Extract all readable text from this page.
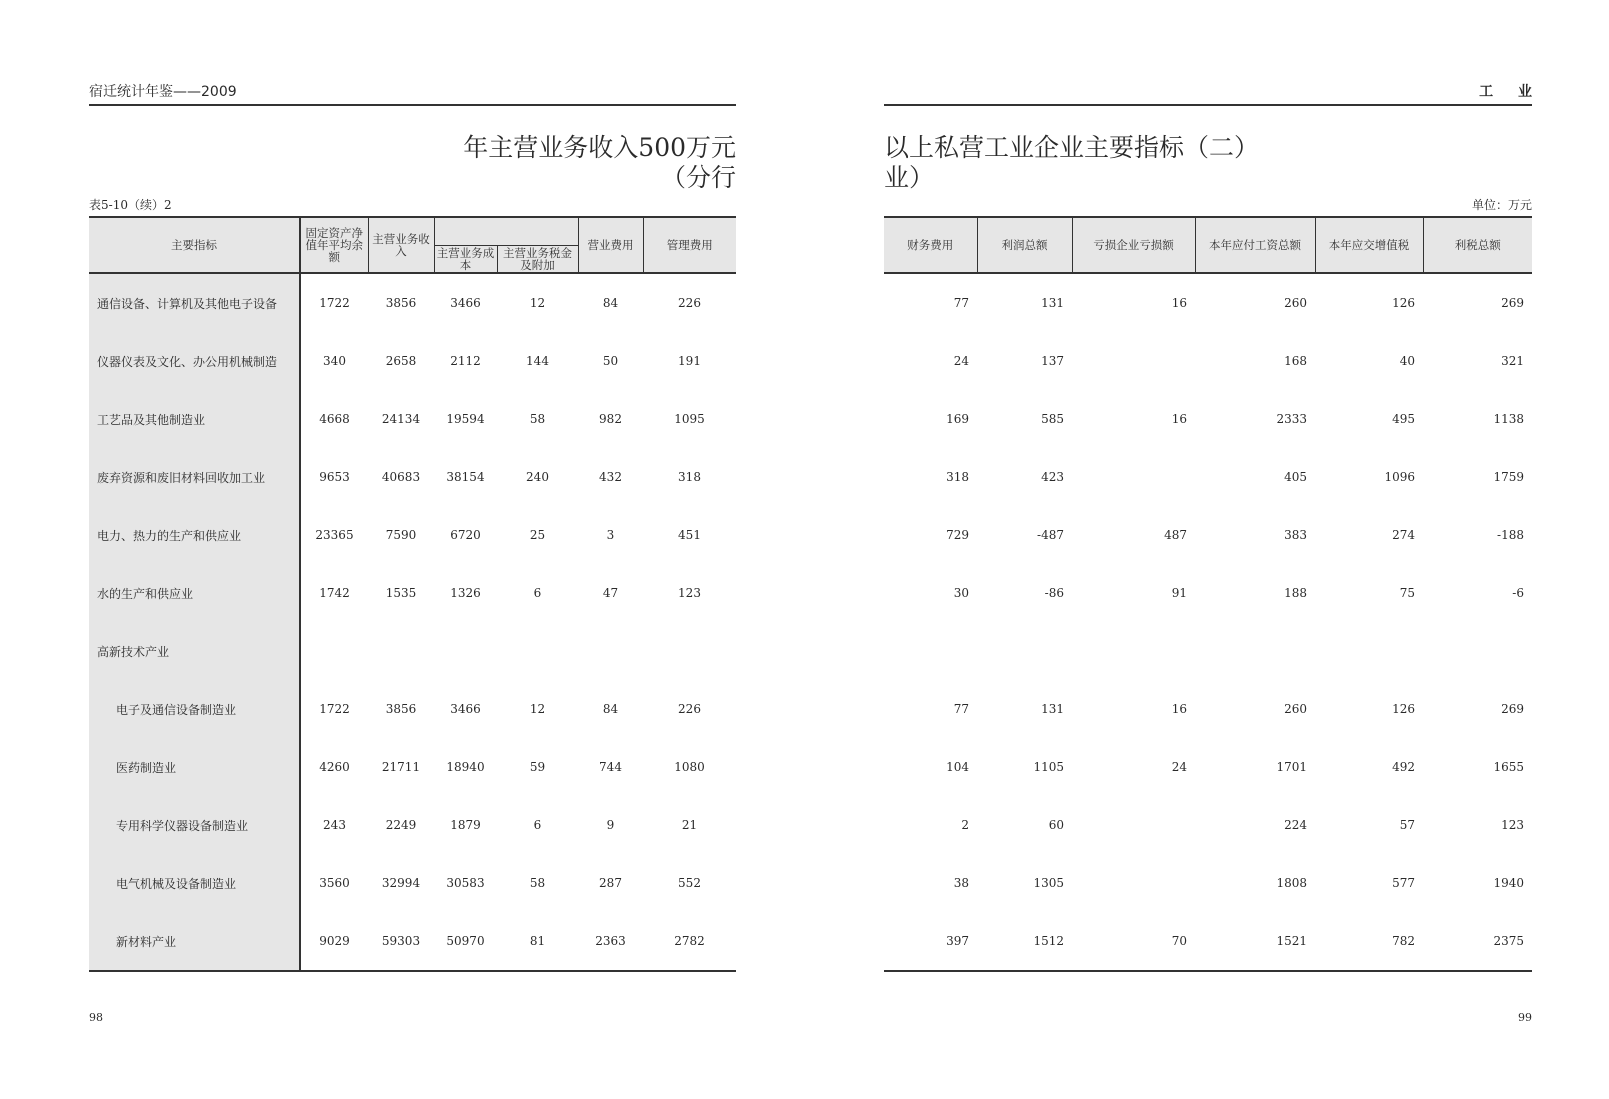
宿迁统计年鉴——2009
年主营业务收入500万元
（分行
表5-10（续）2
主要指标	固定资产净值年平均余额	主营业务收入			营业费用	管理费用
			主营业务成本	主营业务税金及附加		
通信设备、计算机及其他电子设备	1722	3856	3466	12	84	226
仪器仪表及文化、办公用机械制造	340	2658	2112	144	50	191
工艺品及其他制造业	4668	24134	19594	58	982	1095
废弃资源和废旧材料回收加工业	9653	40683	38154	240	432	318
电力、热力的生产和供应业	23365	7590	6720	25	3	451
水的生产和供应业	1742	1535	1326	6	47	123
高新技术产业						
电子及通信设备制造业	1722	3856	3466	12	84	226
医药制造业	4260	21711	18940	59	744	1080
专用科学仪器设备制造业	243	2249	1879	6	9	21
电气机械及设备制造业	3560	32994	30583	58	287	552
新材料产业	9029	59303	50970	81	2363	2782
98
工 业
以上私营工业企业主要指标（二）
业）
单位：万元
财务费用	利润总额	亏损企业亏损额	本年应付工资总额	本年应交增值税	利税总额
77	131	16	260	126	269
24	137		168	40	321
169	585	16	2333	495	1138
318	423		405	1096	1759
729	-487	487	383	274	-188
30	-86	91	188	75	-6

77	131	16	260	126	269
104	1105	24	1701	492	1655
2	60		224	57	123
38	1305		1808	577	1940
397	1512	70	1521	782	2375
99
